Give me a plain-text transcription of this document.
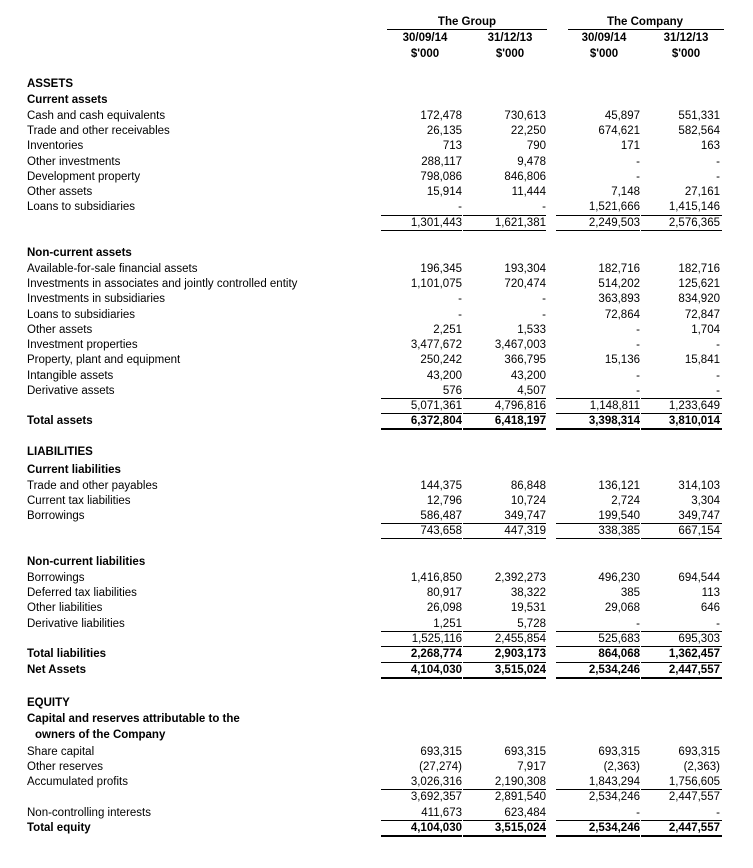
The Group	The Company
30/09/14	31/12/13	30/09/14	31/12/13
$'000	$'000	$'000	$'000
ASSETS
Current assets
Cash and cash equivalents	172,478	730,613	45,897	551,331
Trade and other receivables	26,135	22,250	674,621	582,564
Inventories	713	790	171	163
Other investments	288,117	9,478	-	-
Development property	798,086	846,806	-	-
Other assets	15,914	11,444	7,148	27,161
Loans to subsidiaries	-	-	1,521,666	1,415,146
1,301,443	1,621,381	2,249,503	2,576,365
Non-current assets
Available-for-sale financial assets	196,345	193,304	182,716	182,716
Investments in associates and jointly controlled entity	1,101,075	720,474	514,202	125,621
Investments in subsidiaries	-	-	363,893	834,920
Loans to subsidiaries	-	-	72,864	72,847
Other assets	2,251	1,533	-	1,704
Investment properties	3,477,672	3,467,003	-	-
Property, plant and equipment	250,242	366,795	15,136	15,841
Intangible assets	43,200	43,200	-	-
Derivative assets	576	4,507	-	-
5,071,361	4,796,816	1,148,811	1,233,649
Total assets	6,372,804	6,418,197	3,398,314	3,810,014
LIABILITIES
Current liabilities
Trade and other payables	144,375	86,848	136,121	314,103
Current tax liabilities	12,796	10,724	2,724	3,304
Borrowings	586,487	349,747	199,540	349,747
743,658	447,319	338,385	667,154
Non-current liabilities
Borrowings	1,416,850	2,392,273	496,230	694,544
Deferred tax liabilities	80,917	38,322	385	113
Other liabilities	26,098	19,531	29,068	646
Derivative liabilities	1,251	5,728	-	-
1,525,116	2,455,854	525,683	695,303
Total liabilities	2,268,774	2,903,173	864,068	1,362,457
Net Assets	4,104,030	3,515,024	2,534,246	2,447,557
EQUITY
Capital and reserves attributable to the
owners of the Company
Share capital	693,315	693,315	693,315	693,315
Other reserves	(27,274)	7,917	(2,363)	(2,363)
Accumulated profits	3,026,316	2,190,308	1,843,294	1,756,605
3,692,357	2,891,540	2,534,246	2,447,557
Non-controlling interests	411,673	623,484	-	-
Total equity	4,104,030	3,515,024	2,534,246	2,447,557
